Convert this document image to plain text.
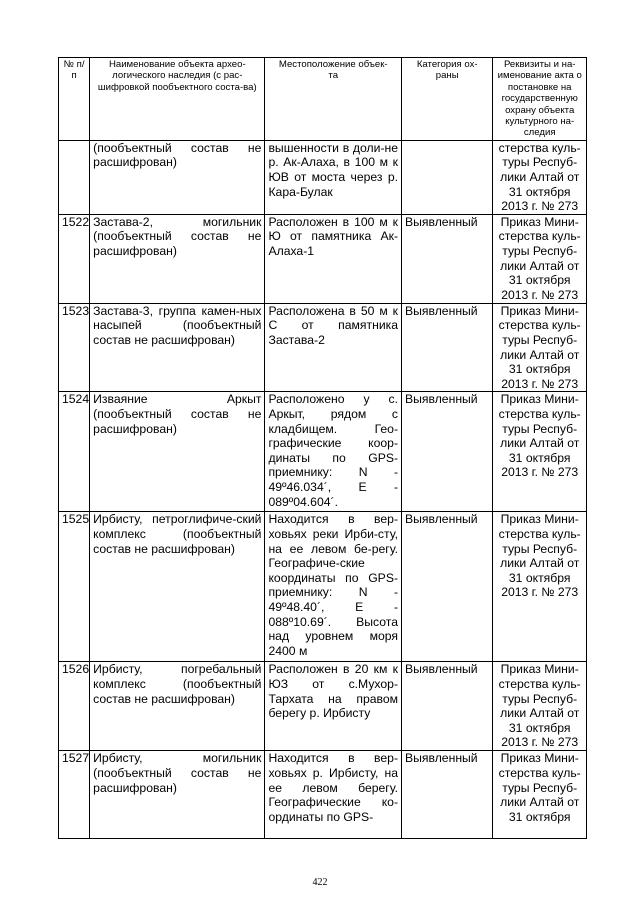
№ п/п	Наименование объекта архео-логического наследия (с рас-шифровкой пообъектного соста-ва)	Местоположение объек-та	Категория ох-раны	Реквизиты и на-именование акта о постановке на государственную охрану объекта культурного на-следия
	(пообъектный состав не расшифрован)	вышенности в доли-не р. Ак-Алаха, в 100 м к ЮВ от моста через р. Кара-Булак		стерства куль-туры Респуб-лики Алтай от 31 октября 2013 г. № 273
1522	Застава-2, могильник (пообъектный состав не расшифрован)	Расположен в 100 м к Ю от памятника Ак-Алаха-1	Выявленный	Приказ Мини-стерства куль-туры Респуб-лики Алтай от 31 октября 2013 г. № 273
1523	Застава-3, группа камен-ных насыпей (пообъектный состав не расшифрован)	Расположена в 50 м к С от памятника Застава-2	Выявленный	Приказ Мини-стерства куль-туры Респуб-лики Алтай от 31 октября 2013 г. № 273
1524	Изваяние Аркыт (пообъектный состав не расшифрован)	Расположено у с. Аркыт, рядом с кладбищем. Гео-графические коор-динаты по GPS-приемнику: N - 49º46.034´, E - 089º04.604´.	Выявленный	Приказ Мини-стерства куль-туры Респуб-лики Алтай от 31 октября 2013 г. № 273
1525	Ирбисту, петроглифиче-ский комплекс (пообъектный состав не расшифрован)	Находится в вер-ховьях реки Ирби-сту, на ее левом бе-регу. Географиче-ские координаты по GPS-приемнику: N - 49º48.40´, E - 088º10.69´. Высота над уровнем моря 2400 м	Выявленный	Приказ Мини-стерства куль-туры Респуб-лики Алтай от 31 октября 2013 г. № 273
1526	Ирбисту, погребальный комплекс (пообъектный состав не расшифрован)	Расположен в 20 км к ЮЗ от с.Мухор-Тархата на правом берегу р. Ирбисту	Выявленный	Приказ Мини-стерства куль-туры Респуб-лики Алтай от 31 октября 2013 г. № 273
1527	Ирбисту, могильник (пообъектный состав не расшифрован)	Находится в вер-ховьях р. Ирбисту, на ее левом берегу. Географические ко-ординаты по GPS-	Выявленный	Приказ Мини-стерства куль-туры Респуб-лики Алтай от 31 октября
422
